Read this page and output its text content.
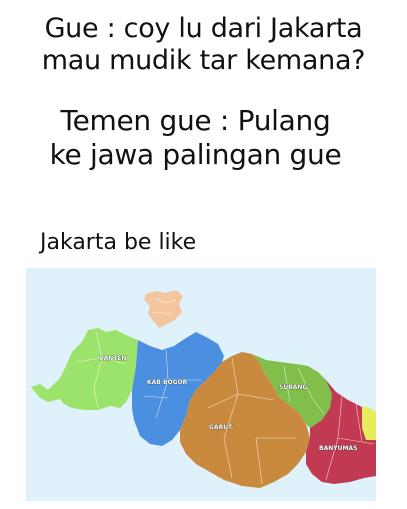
Gue : coy lu dari Jakarta
mau mudik tar kemana?
Temen gue : Pulang
ke jawa palingan gue
Jakarta be like
BANTEN
KAB BOGOR
GARUT
SUBANG
BANYUMAS
